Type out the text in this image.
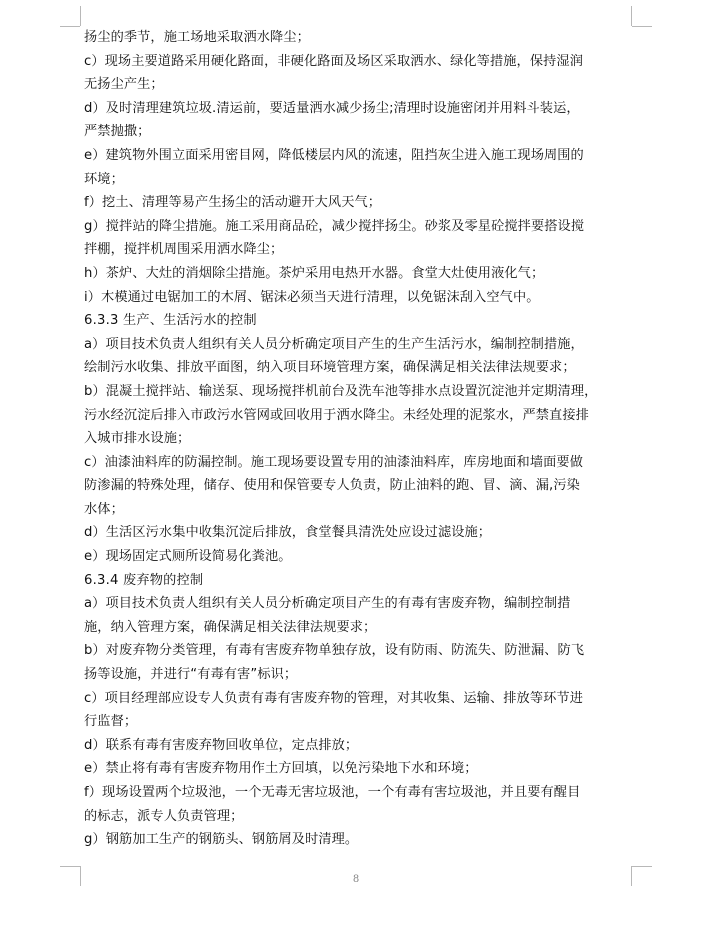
扬尘的季节，施工场地采取洒水降尘；
c）现场主要道路采用硬化路面，非硬化路面及场区采取洒水、绿化等措施，保持湿润
无扬尘产生；
d）及时清理建筑垃圾.清运前，要适量洒水减少扬尘;清理时设施密闭并用料斗装运，
严禁抛撒；
e）建筑物外围立面采用密目网，降低楼层内风的流速，阻挡灰尘进入施工现场周围的
环境；
f）挖土、清理等易产生扬尘的活动避开大风天气；
g）搅拌站的降尘措施。施工采用商品砼，减少搅拌扬尘。砂浆及零星砼搅拌要搭设搅
拌棚，搅拌机周围采用洒水降尘；
h）茶炉、大灶的消烟除尘措施。茶炉采用电热开水器。食堂大灶使用液化气；
i）木模通过电锯加工的木屑、锯沫必须当天进行清理，以免锯沫刮入空气中。
6.3.3 生产、生活污水的控制
a）项目技术负责人组织有关人员分析确定项目产生的生产生活污水，编制控制措施，
绘制污水收集、排放平面图，纳入项目环境管理方案，确保满足相关法律法规要求；
b）混凝土搅拌站、输送泵、现场搅拌机前台及洗车池等排水点设置沉淀池并定期清理，
污水经沉淀后排入市政污水管网或回收用于洒水降尘。未经处理的泥浆水，严禁直接排
入城市排水设施；
c）油漆油料库的防漏控制。施工现场要设置专用的油漆油料库，库房地面和墙面要做
防渗漏的特殊处理，储存、使用和保管要专人负责，防止油料的跑、冒、滴、漏,污染
水体；
d）生活区污水集中收集沉淀后排放，食堂餐具清洗处应设过滤设施；
e）现场固定式厕所设简易化粪池。
6.3.4 废弃物的控制
a）项目技术负责人组织有关人员分析确定项目产生的有毒有害废弃物，编制控制措
施，纳入管理方案，确保满足相关法律法规要求；
b）对废弃物分类管理，有毒有害废弃物单独存放，设有防雨、防流失、防泄漏、防飞
扬等设施，并进行“有毒有害”标识；
c）项目经理部应设专人负责有毒有害废弃物的管理，对其收集、运输、排放等环节进
行监督；
d）联系有毒有害废弃物回收单位，定点排放；
e）禁止将有毒有害废弃物用作土方回填，以免污染地下水和环境；
f）现场设置两个垃圾池，一个无毒无害垃圾池，一个有毒有害垃圾池，并且要有醒目
的标志，派专人负责管理；
g）钢筋加工生产的钢筋头、钢筋屑及时清理。
8
